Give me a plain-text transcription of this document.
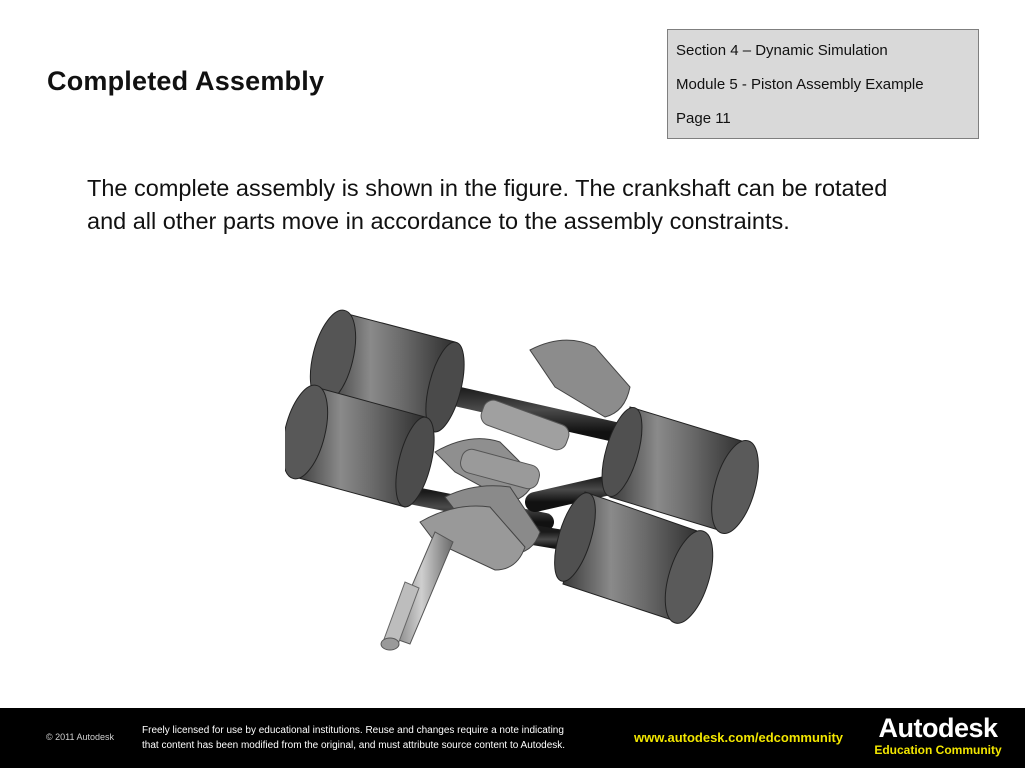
Completed Assembly
Section 4 – Dynamic Simulation
Module 5 - Piston Assembly Example
Page 11
The complete assembly is shown in the figure. The crankshaft can be rotated and all other parts move in accordance to the assembly constraints.
© 2011 Autodesk
Freely licensed for use by educational institutions. Reuse and changes require a note indicating
that content has been modified from the original, and must attribute source content to Autodesk.
www.autodesk.com/edcommunity	Autodesk
Education Community
